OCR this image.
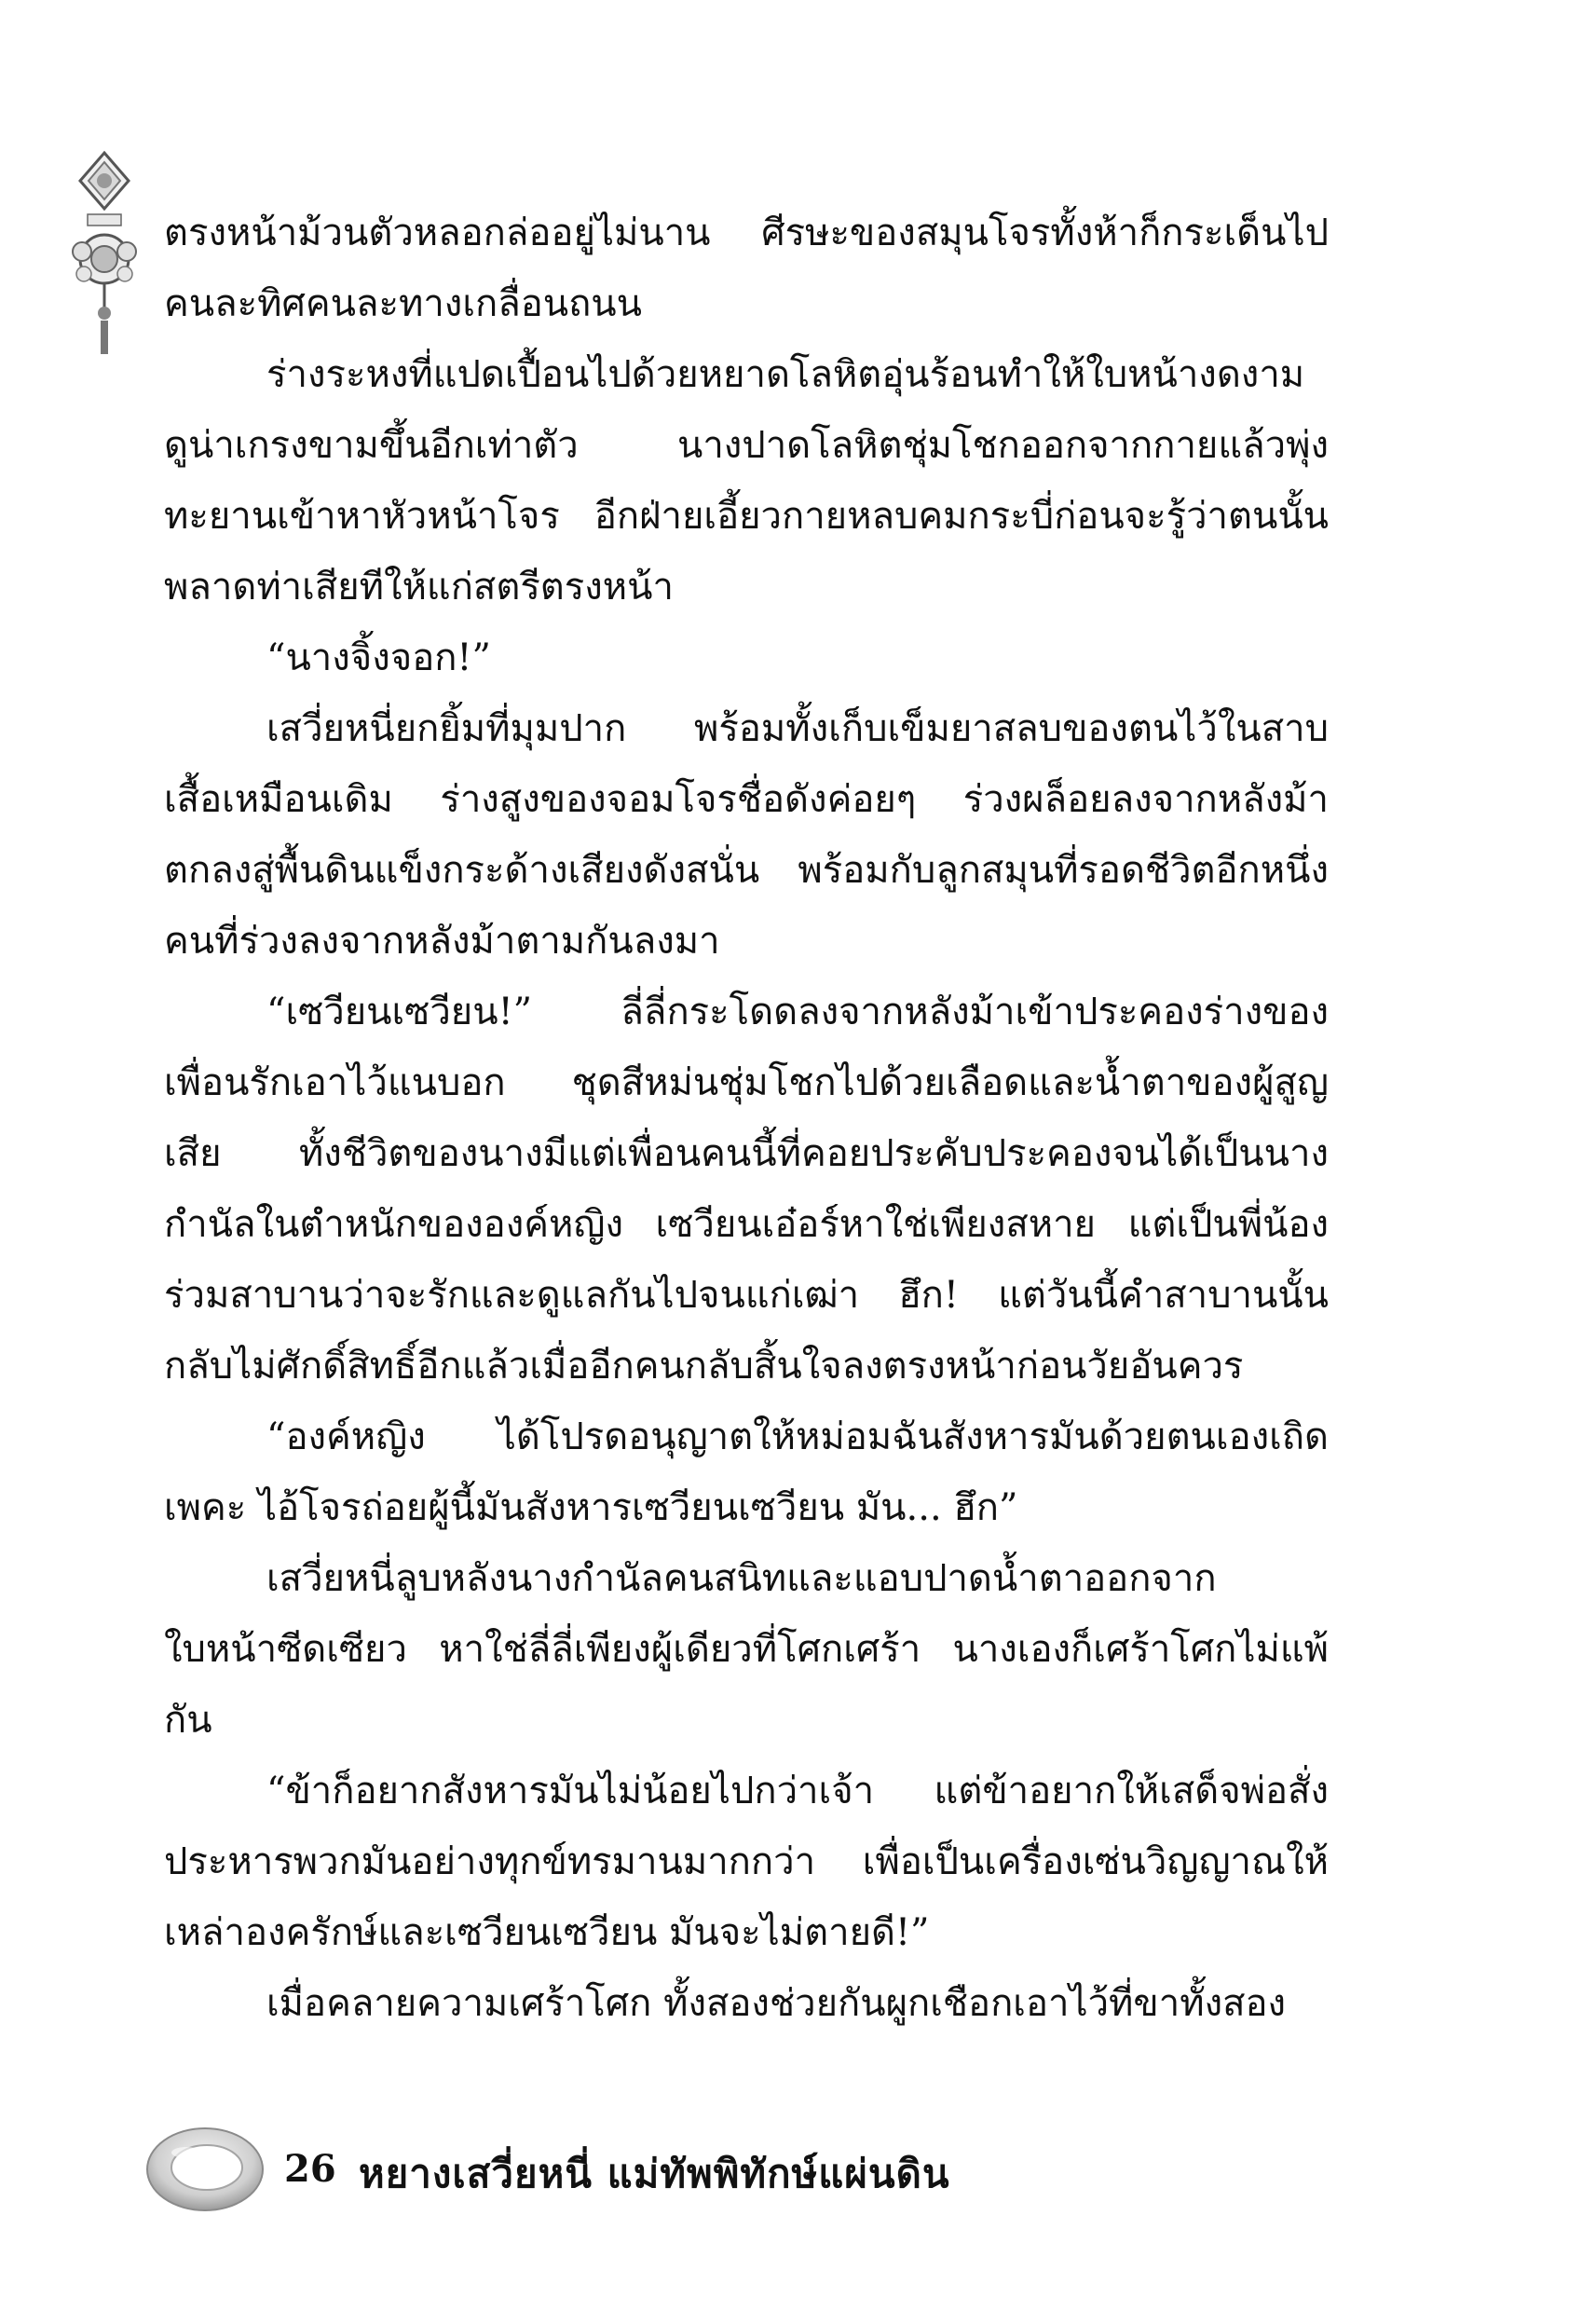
ตรงหน้าม้วนตัวหลอกล่ออยู่ไม่นาน ศีรษะของสมุนโจรทั้งห้าก็กระเด็นไปคนละทิศคนละทางเกลื่อนถนน

ร่างระหงที่แปดเปื้อนไปด้วยหยาดโลหิตอุ่นร้อนทำให้ใบหน้างดงามดูน่าเกรงขามขึ้นอีกเท่าตัว นางปาดโลหิตชุ่มโชกออกจากกายแล้วพุ่งทะยานเข้าหาหัวหน้าโจร อีกฝ่ายเอี้ยวกายหลบคมกระบี่ก่อนจะรู้ว่าตนนั้นพลาดท่าเสียทีให้แก่สตรีตรงหน้า

“นางจิ้งจอก!”

เสวี่ยหนี่ยกยิ้มที่มุมปาก พร้อมทั้งเก็บเข็มยาสลบของตนไว้ในสาบเสื้อเหมือนเดิม ร่างสูงของจอมโจรชื่อดังค่อยๆ ร่วงผล็อยลงจากหลังม้า ตกลงสู่พื้นดินแข็งกระด้างเสียงดังสนั่น พร้อมกับลูกสมุนที่รอดชีวิตอีกหนึ่งคนที่ร่วงลงจากหลังม้าตามกันลงมา

“เซวียนเซวียน!” ลี่ลี่กระโดดลงจากหลังม้าเข้าประคองร่างของเพื่อนรักเอาไว้แนบอก ชุดสีหม่นชุ่มโชกไปด้วยเลือดและน้ำตาของผู้สูญเสีย ทั้งชีวิตของนางมีแต่เพื่อนคนนี้ที่คอยประคับประคองจนได้เป็นนางกำนัลในตำหนักขององค์หญิง เซวียนเอ๋อร์หาใช่เพียงสหาย แต่เป็นพี่น้องร่วมสาบานว่าจะรักและดูแลกันไปจนแก่เฒ่า ฮึก! แต่วันนี้คำสาบานนั้นกลับไม่ศักดิ์สิทธิ์อีกแล้วเมื่ออีกคนกลับสิ้นใจลงตรงหน้าก่อนวัยอันควร

“องค์หญิง ได้โปรดอนุญาตให้หม่อมฉันสังหารมันด้วยตนเองเถิดเพคะ ไอ้โจรถ่อยผู้นี้มันสังหารเซวียนเซวียน มัน... ฮึก”

เสวี่ยหนี่ลูบหลังนางกำนัลคนสนิทและแอบปาดน้ำตาออกจากใบหน้าซีดเซียว หาใช่ลี่ลี่เพียงผู้เดียวที่โศกเศร้า นางเองก็เศร้าโศกไม่แพ้กัน

“ข้าก็อยากสังหารมันไม่น้อยไปกว่าเจ้า แต่ข้าอยากให้เสด็จพ่อสั่งประหารพวกมันอย่างทุกข์ทรมานมากกว่า เพื่อเป็นเครื่องเซ่นวิญญาณให้เหล่าองครักษ์และเซวียนเซวียน มันจะไม่ตายดี!”

เมื่อคลายความเศร้าโศก ทั้งสองช่วยกันผูกเชือกเอาไว้ที่ขาทั้งสอง

26 หยางเสวี่ยหนี่ แม่ทัพพิทักษ์แผ่นดิน
